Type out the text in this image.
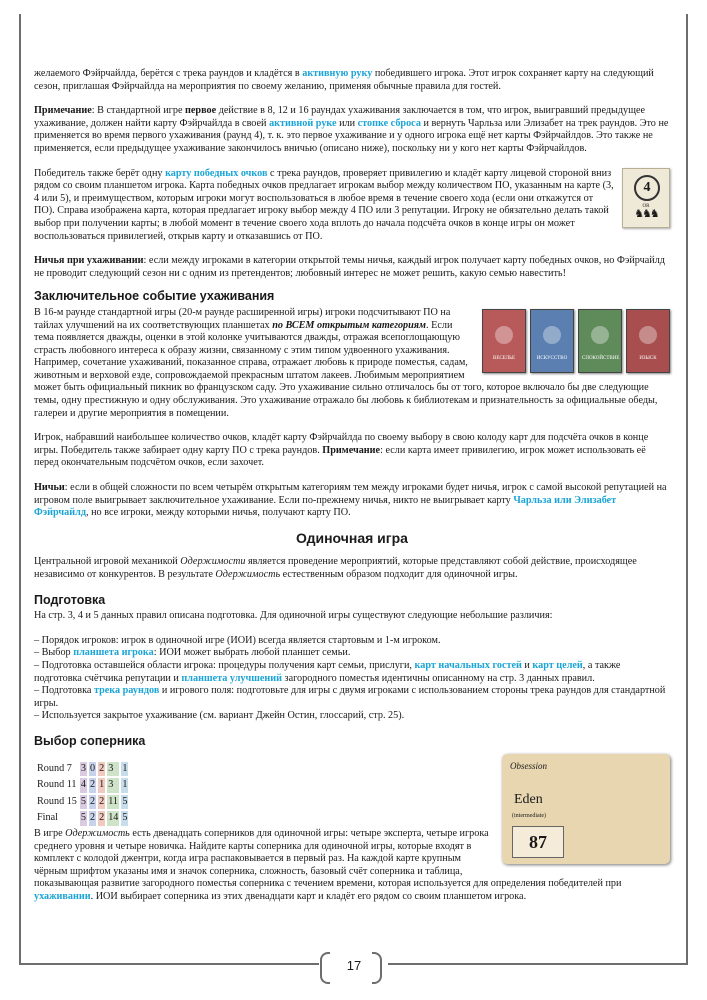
17

желаемого Фэйрчайлда, берётся с трека раундов и кладётся в активную руку победившего игрока. Этот игрок сохраняет карту на следующий сезон, приглашая Фэйрчайлда на мероприятия по своему желанию, применяя обычные правила для гостей.

Примечание: В стандартной игре первое действие в 8, 12 и 16 раундах ухаживания заключается в том, что игрок, выигравший предыдущее ухаживание, должен найти карту Фэйрчайлда в своей активной руке или стопке сброса и вернуть Чарльза или Элизабет на трек раундов. Это не применяется во время первого ухаживания (раунд 4), т. к. это первое ухаживание и у одного игрока ещё нет карты Фэйрчайлдов. Это также не применяется, если предыдущее ухаживание закончилось вничью (описано ниже), поскольку ни у кого нет карты Фэйрчайлдов.

4
OR
♞♞♞
Победитель также берёт одну карту победных очков с трека раундов, проверяет привилегию и кладёт карту лицевой стороной вниз рядом со своим планшетом игрока. Карта победных очков предлагает игрокам выбор между количеством ПО, указанным на карте (3, 4 или 5), и преимуществом, которым игроки могут воспользоваться в любое время в течение своего хода (если они откажутся от ПО). Справа изображена карта, которая предлагает игроку выбор между 4 ПО или 3 репутации. Игроку не обязательно делать такой выбор при получении карты; в любой момент в течение своего хода вплоть до начала подсчёта очков в конце игры он может воспользоваться привилегией, открыв карту и отказавшись от ПО.

Ничья при ухаживании: если между игроками в категории открытой темы ничья, каждый игрок получает карту победных очков, но Фэйрчайлд не проводит следующий сезон ни с одним из претендентов; любовный интерес не может решить, какую семью навестить!

Заключительное событие ухаживания

ВЕСЕЛЬЕ	ИСКУССТВО	СПОКОЙСТВИЕ	ИЗЫСК
В 16-м раунде стандартной игры (20-м раунде расширенной игры) игроки подсчитывают ПО на тайлах улучшений на их соответствующих планшетах по ВСЕМ открытым категориям. Если тема появляется дважды, оценки в этой колонке учитываются дважды, отражая всепоглощающую страсть любовного интереса к образу жизни, связанному с этим типом удвоенного ухаживания. Например, сочетание ухаживаний, показанное справа, отражает любовь к природе поместья, садам, животным и верховой езде, сопровождаемой прекрасным штатом лакеев. Любимым мероприятием может быть официальный пикник во французском саду. Это ухаживание сильно отличалось бы от того, которое включало бы две следующие темы, одну престижную и одну обслуживания. Это ухаживание отражало бы любовь к библиотекам и признательность за официальные обеды, галереи и другие мероприятия в помещении.

Игрок, набравший наибольшее количество очков, кладёт карту Фэйрчайлда по своему выбору в свою колоду карт для подсчёта очков в конце игры. Победитель также забирает одну карту ПО с трека раундов. Примечание: если карта имеет привилегию, игрок может использовать её перед окончательным подсчётом очков, если захочет.

Ничьи: если в общей сложности по всем четырём открытым категориям тем между игроками будет ничья, игрок с самой высокой репутацией на игровом поле выигрывает заключительное ухаживание. Если по-прежнему ничья, никто не выигрывает карту Чарльза или Элизабет Фэйрчайлд, но все игроки, между которыми ничья, получают карту ПО.

Одиночная игра

Центральной игровой механикой Одержимости является проведение мероприятий, которые представляют собой действие, происходящее независимо от конкурентов. В результате Одержимость естественным образом подходит для одиночной игры.

Подготовка

На стр. 3, 4 и 5 данных правил описана подготовка. Для одиночной игры существуют следующие небольшие различия:

– Порядок игроков: игрок в одиночной игре (ИОИ) всегда является стартовым и 1-м игроком.
– Выбор планшета игрока: ИОИ может выбрать любой планшет семьи.
– Подготовка оставшейся области игрока: процедуры получения карт семьи, прислуги, карт начальных гостей и карт целей, а также подготовка счётчика репутации и планшета улучшений загородного поместья идентичны описанному на стр. 3 данных правил.
– Подготовка трека раундов и игрового поля: подготовьте для игры с двумя игроками с использованием стороны трека раундов для стандартной игры.
– Используется закрытое ухаживание (см. вариант Джейн Остин, глоссарий, стр. 25).
Выбор соперника

Obsession
Eden
(intermediate)
87

Round 7	3	0	2	3	1
Round 11	4	2	1	3	1
Round 15	5	2	2	11	5
Final	5	2	2	14	5
В игре Одержимость есть двенадцать соперников для одиночной игры: четыре эксперта, четыре игрока среднего уровня и четыре новичка. Найдите карты соперника для одиночной игры, которые входят в комплект с колодой джентри, когда игра распаковывается в первый раз. На каждой карте крупным чёрным шрифтом указаны имя и значок соперника, сложность, базовый счёт соперника и таблица, показывающая развитие загородного поместья соперника с течением времени, которая используется для определения победителей при ухаживании. ИОИ выбирает соперника из этих двенадцати карт и кладёт его рядом со своим планшетом игрока.
